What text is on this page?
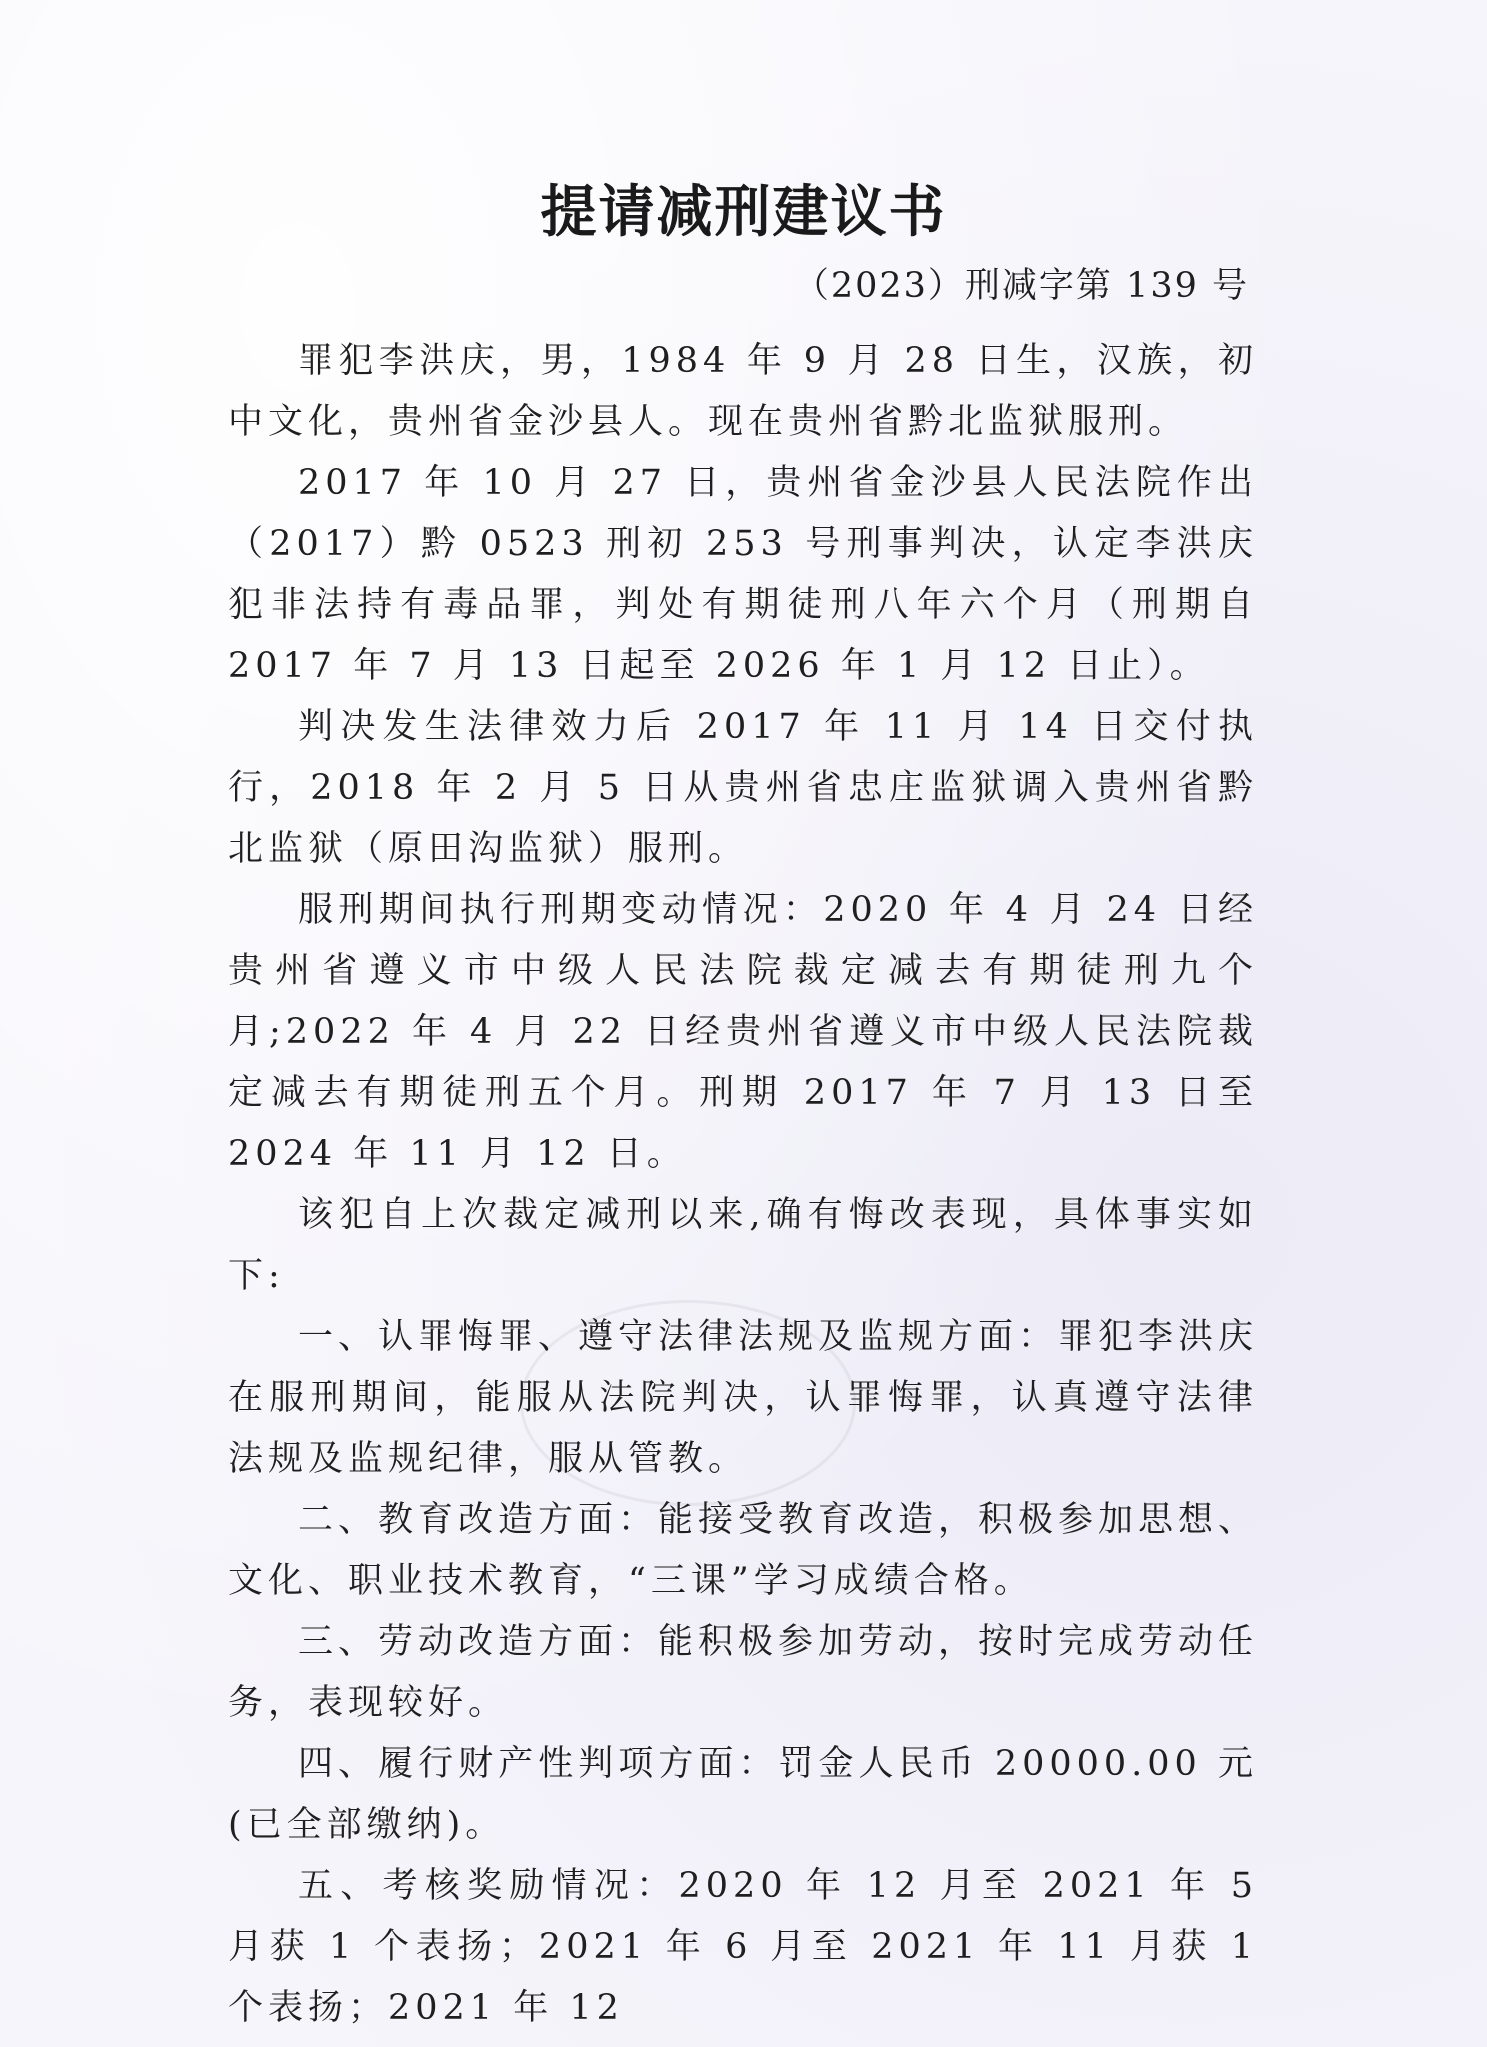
提请减刑建议书
（2023）刑减字第 139 号

罪犯李洪庆，男，1984 年 9 月 28 日生，汉族，初中文化，贵州省金沙县人。现在贵州省黔北监狱服刑。

2017 年 10 月 27 日，贵州省金沙县人民法院作出（2017）黔 0523 刑初 253 号刑事判决，认定李洪庆犯非法持有毒品罪，判处有期徒刑八年六个月（刑期自 2017 年 7 月 13 日起至 2026 年 1 月 12 日止）。

判决发生法律效力后 2017 年 11 月 14 日交付执行，2018 年 2 月 5 日从贵州省忠庄监狱调入贵州省黔北监狱（原田沟监狱）服刑。

服刑期间执行刑期变动情况：2020 年 4 月 24 日经贵州省遵义市中级人民法院裁定减去有期徒刑九个月;2022 年 4 月 22 日经贵州省遵义市中级人民法院裁定减去有期徒刑五个月。刑期 2017 年 7 月 13 日至 2024 年 11 月 12 日。

该犯自上次裁定减刑以来,确有悔改表现，具体事实如下:

一、认罪悔罪、遵守法律法规及监规方面：罪犯李洪庆在服刑期间，能服从法院判决，认罪悔罪，认真遵守法律法规及监规纪律，服从管教。

二、教育改造方面：能接受教育改造，积极参加思想、文化、职业技术教育，“三课”学习成绩合格。

三、劳动改造方面：能积极参加劳动，按时完成劳动任务，表现较好。

四、履行财产性判项方面：罚金人民币 20000.00 元(已全部缴纳)。

五、考核奖励情况：2020 年 12 月至 2021 年 5 月获 1 个表扬；2021 年 6 月至 2021 年 11 月获 1 个表扬；2021 年 12
